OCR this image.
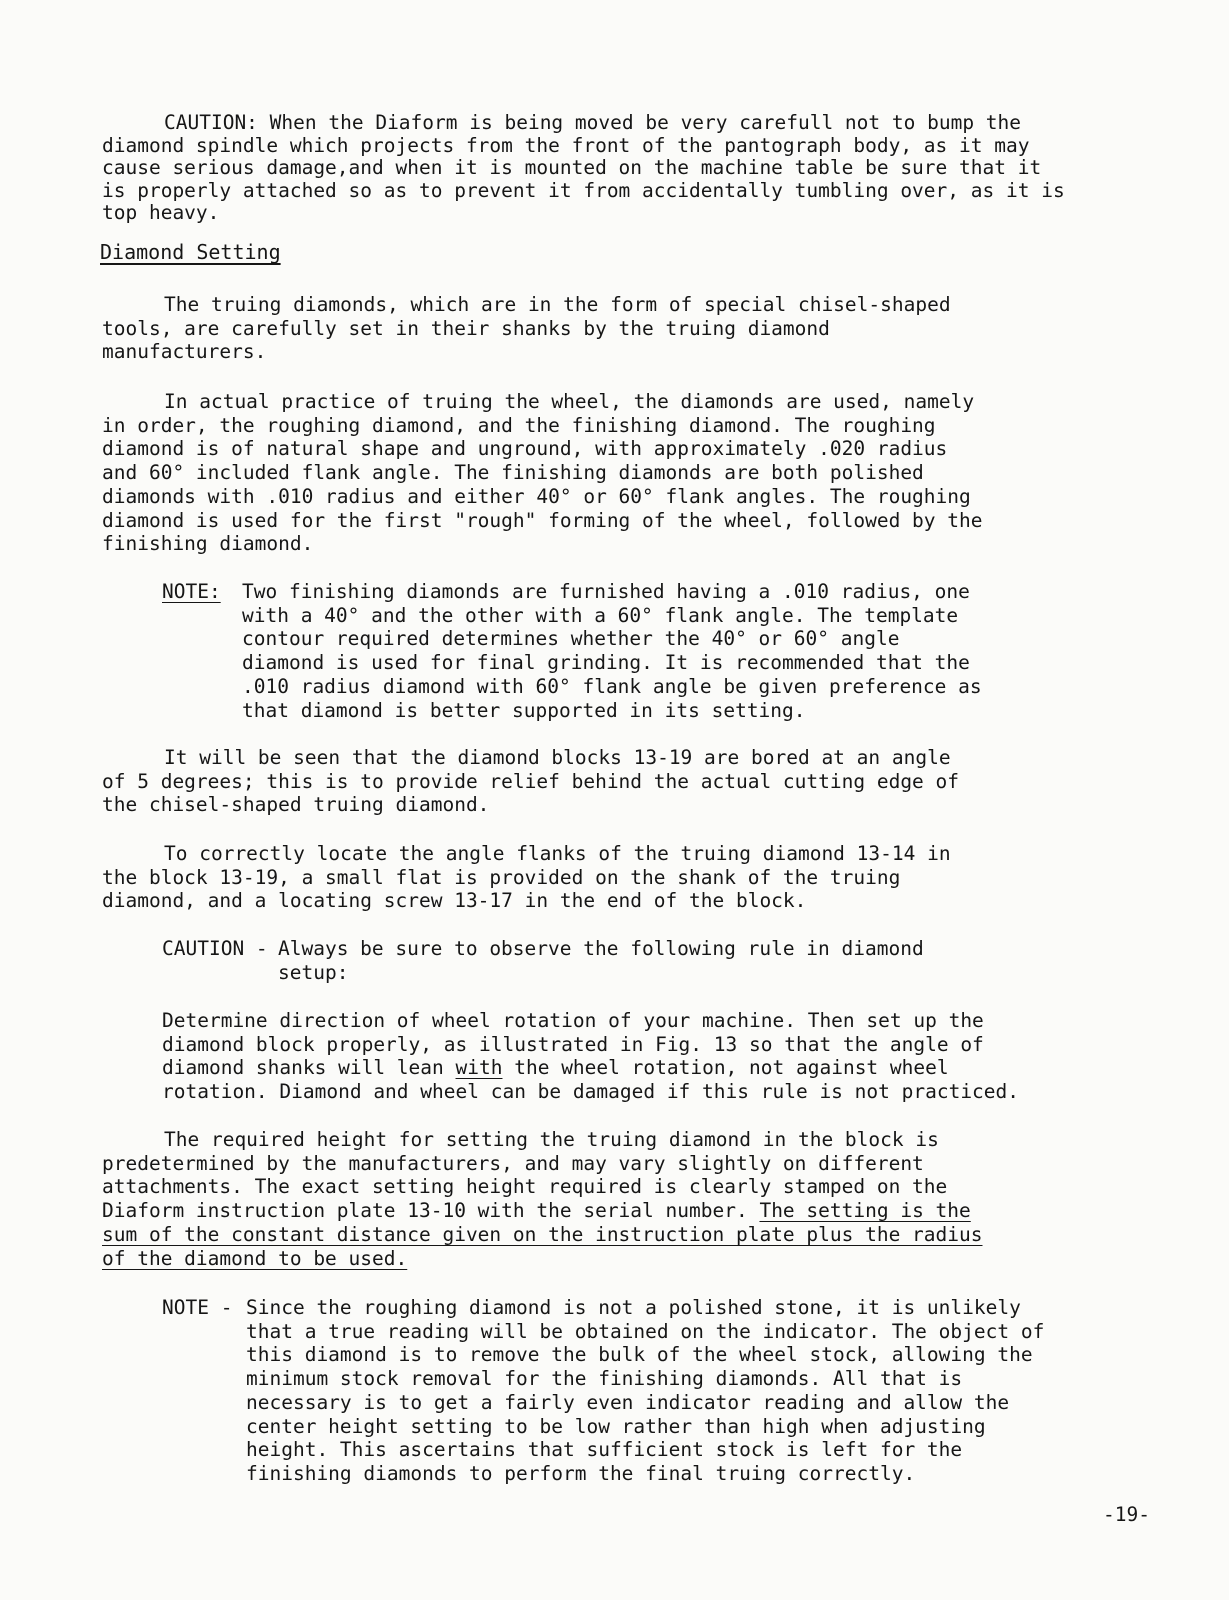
CAUTION: When the Diaform is being moved be very carefull not to bump the diamond spindle which projects from the front of the pantograph body, as it may cause serious damage,and when it is mounted on the machine table be sure that it is properly attached so as to prevent it from accidentally tumbling over, as it is top heavy.

Diamond Setting

The truing diamonds, which are in the form of special chisel-shaped tools, are carefully set in their shanks by the truing diamond manufacturers.

In actual practice of truing the wheel, the diamonds are used, namely in order, the roughing diamond, and the finishing diamond. The roughing diamond is of natural shape and unground, with approximately .020 radius and 60° included flank angle. The finishing diamonds are both polished diamonds with .010 radius and either 40° or 60° flank angles. The roughing diamond is used for the first "rough" forming of the wheel, followed by the finishing diamond.

NOTE: Two finishing diamonds are furnished having a .010 radius, one with a 40° and the other with a 60° flank angle. The template contour required determines whether the 40° or 60° angle diamond is used for final grinding. It is recommended that the .010 radius diamond with 60° flank angle be given preference as that diamond is better supported in its setting.

It will be seen that the diamond blocks 13-19 are bored at an angle of 5 degrees; this is to provide relief behind the actual cutting edge of the chisel-shaped truing diamond.

To correctly locate the angle flanks of the truing diamond 13-14 in the block 13-19, a small flat is provided on the shank of the truing diamond, and a locating screw 13-17 in the end of the block.

CAUTION - Always be sure to observe the following rule in diamond setup:

Determine direction of wheel rotation of your machine. Then set up the diamond block properly, as illustrated in Fig. 13 so that the angle of diamond shanks will lean with the wheel rotation, not against wheel rotation. Diamond and wheel can be damaged if this rule is not practiced.

The required height for setting the truing diamond in the block is predetermined by the manufacturers, and may vary slightly on different attachments. The exact setting height required is clearly stamped on the Diaform instruction plate 13-10 with the serial number. The setting is the sum of the constant distance given on the instruction plate plus the radius of the diamond to be used.

NOTE - Since the roughing diamond is not a polished stone, it is unlikely that a true reading will be obtained on the indicator. The object of this diamond is to remove the bulk of the wheel stock, allowing the minimum stock removal for the finishing diamonds. All that is necessary is to get a fairly even indicator reading and allow the center height setting to be low rather than high when adjusting height. This ascertains that sufficient stock is left for the finishing diamonds to perform the final truing correctly.

-19-
